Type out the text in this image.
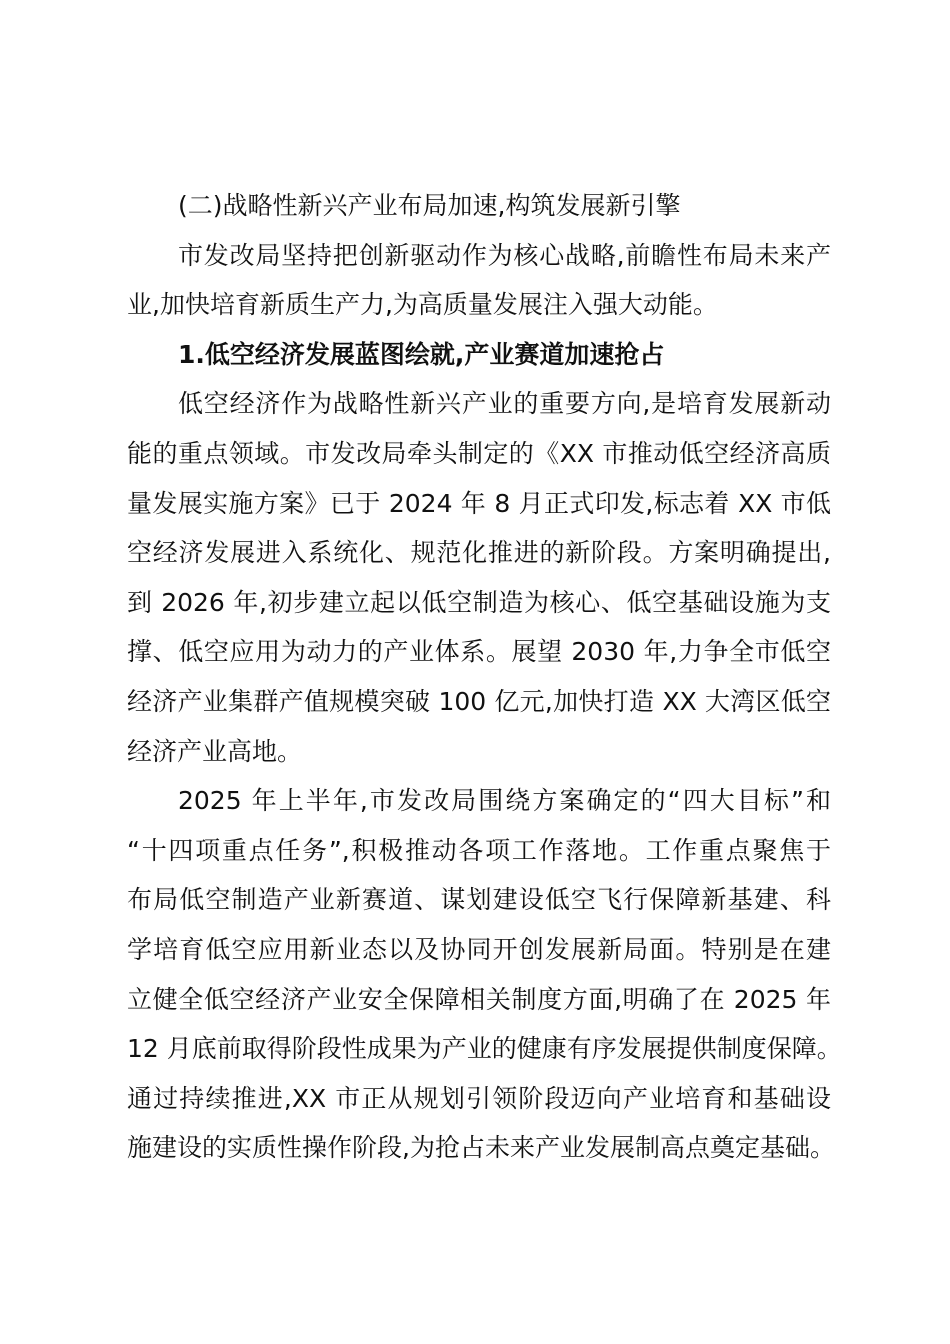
(二)战略性新兴产业布局加速,构筑发展新引擎
市发改局坚持把创新驱动作为核心战略,前瞻性布局未来产
业,加快培育新质生产力,为高质量发展注入强大动能。
1.低空经济发展蓝图绘就,产业赛道加速抢占
低空经济作为战略性新兴产业的重要方向,是培育发展新动
能的重点领域。市发改局牵头制定的《XX 市推动低空经济高质
量发展实施方案》已于 2024 年 8 月正式印发,标志着 XX 市低
空经济发展进入系统化、规范化推进的新阶段。方案明确提出,
到 2026 年,初步建立起以低空制造为核心、低空基础设施为支
撑、低空应用为动力的产业体系。展望 2030 年,力争全市低空
经济产业集群产值规模突破 100 亿元,加快打造 XX 大湾区低空
经济产业高地。
2025 年上半年,市发改局围绕方案确定的“四大目标”和
“十四项重点任务”,积极推动各项工作落地。工作重点聚焦于
布局低空制造产业新赛道、谋划建设低空飞行保障新基建、科
学培育低空应用新业态以及协同开创发展新局面。特别是在建
立健全低空经济产业安全保障相关制度方面,明确了在 2025 年
12 月底前取得阶段性成果为产业的健康有序发展提供制度保障。
通过持续推进,XX 市正从规划引领阶段迈向产业培育和基础设
施建设的实质性操作阶段,为抢占未来产业发展制高点奠定基础。
